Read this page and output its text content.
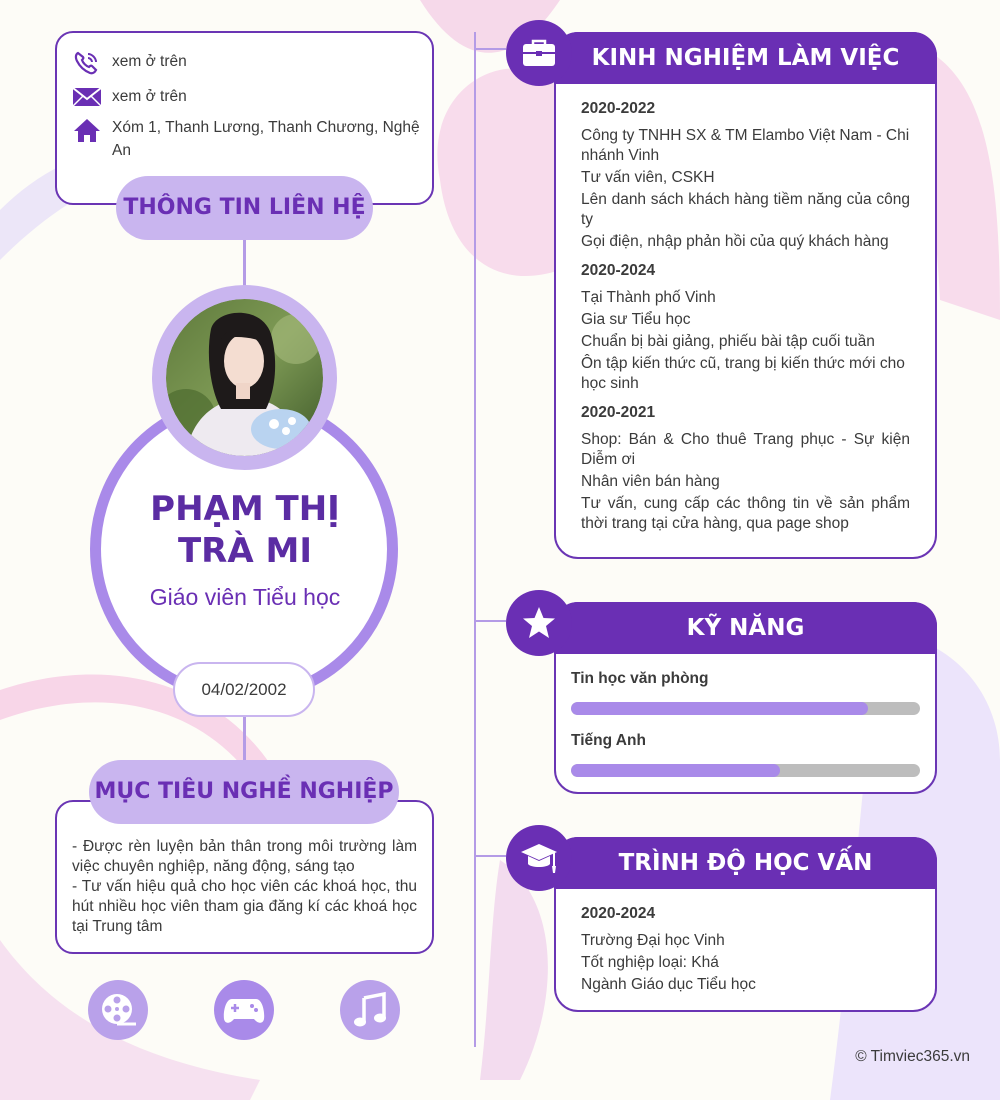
xem ở trên
xem ở trên
Xóm 1, Thanh Lương, Thanh Chương, Nghệ An
THÔNG TIN LIÊN HỆ
PHẠM THỊ TRÀ MI
Giáo viên Tiểu học
04/02/2002
MỤC TIÊU NGHỀ NGHIỆP
- Được rèn luyện bản thân trong môi trường làm việc chuyên nghiệp, năng động, sáng tạo
- Tư vấn hiệu quả cho học viên các khoá học, thu hút nhiều học viên tham gia đăng kí các khoá học tại Trung tâm
KINH NGHIỆM LÀM VIỆC
2020-2022
Công ty TNHH SX & TM Elambo Việt Nam - Chi nhánh Vinh
Tư vấn viên, CSKH
Lên danh sách khách hàng tiềm năng của công ty
Gọi điện, nhập phản hồi của quý khách hàng
2020-2024
Tại Thành phố Vinh
Gia sư Tiểu học
Chuẩn bị bài giảng, phiếu bài tập cuối tuần
Ôn tập kiến thức cũ, trang bị kiến thức mới cho học sinh
2020-2021
Shop: Bán & Cho thuê Trang phục - Sự kiện Diễm ơi
Nhân viên bán hàng
Tư vấn, cung cấp các thông tin về sản phẩm thời trang tại cửa hàng, qua page shop
KỸ NĂNG
Tin học văn phòng
Tiếng Anh
TRÌNH ĐỘ HỌC VẤN
2020-2024
Trường Đại học Vinh
Tốt nghiệp loại: Khá
Ngành Giáo dục Tiểu học
© Timviec365.vn
